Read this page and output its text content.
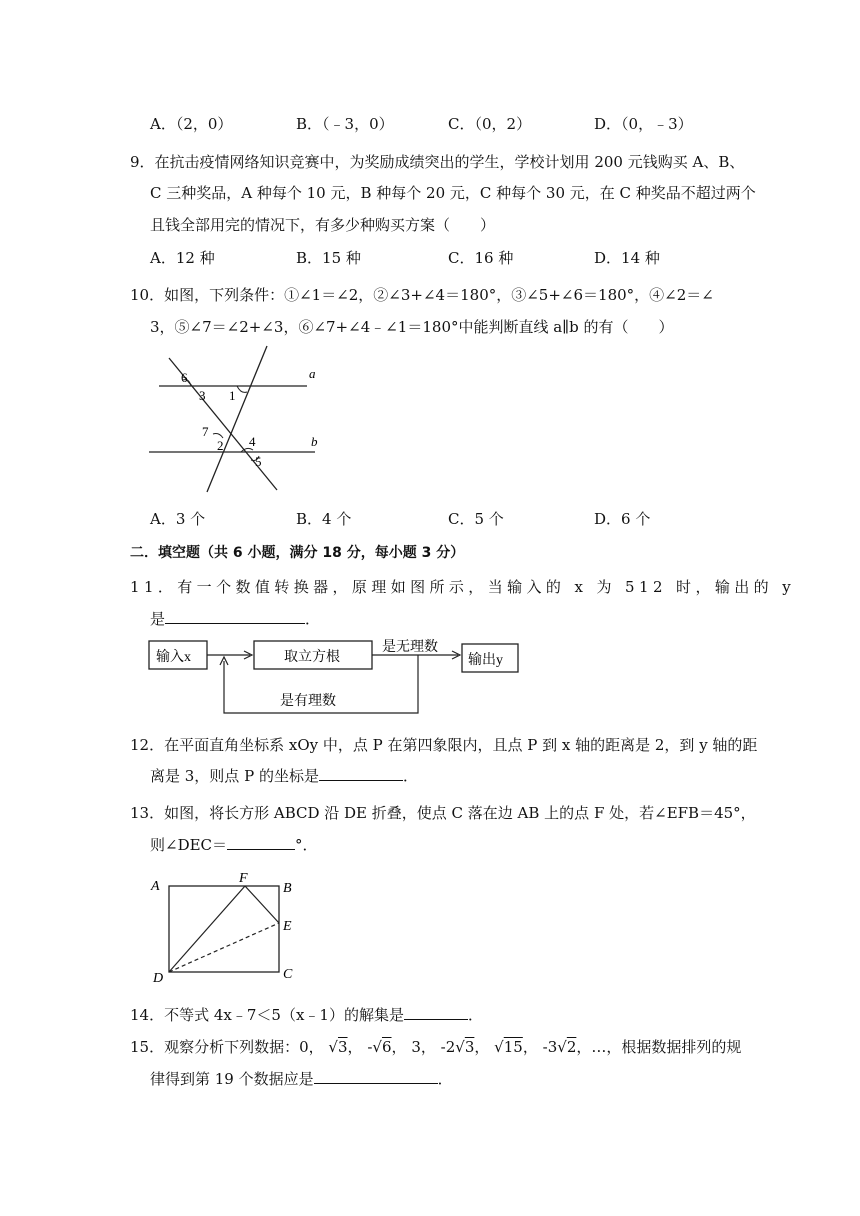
A．（2，0）	B．（﹣3，0）	C．（0，2）	D．（0，﹣3）
9．在抗击疫情网络知识竞赛中，为奖励成绩突出的学生，学校计划用 200 元钱购买 A、B、
C 三种奖品，A 种每个 10 元，B 种每个 20 元，C 种每个 30 元，在 C 种奖品不超过两个
且钱全部用完的情况下，有多少种购买方案（　　）
A．12 种	B．15 种	C．16 种	D．14 种
10．如图，下列条件：①∠1＝∠2，②∠3+∠4＝180°，③∠5+∠6＝180°，④∠2＝∠
3，⑤∠7＝∠2+∠3，⑥∠7+∠4﹣∠1＝180°中能判断直线 a∥b 的有（　　）
6
3 1
7
2 4
5
a
b
A．3 个	B．4 个	C．5 个	D．6 个
二．填空题（共 6 小题，满分 18 分，每小题 3 分）
11．有一个数值转换器，原理如图所示，当输入的 x 为 512 时，输出的 y
是	．
输入x	取立方根
是无理数
输出y
是有理数
12．在平面直角坐标系 xOy 中，点 P 在第四象限内，且点 P 到 x 轴的距离是 2，到 y 轴的距
离是 3，则点 P 的坐标是	．
13．如图，将长方形 ABCD 沿 DE 折叠，使点 C 落在边 AB 上的点 F 处，若∠EFB＝45°，
则∠DEC＝	°．
A
F
B
E
D	C
14．不等式 4x﹣7＜5（x﹣1）的解集是	．
15．观察分析下列数据：0， √3， -√6， 3， -2√3， √15， -3√2，…，根据数据排列的规
律得到第 19 个数据应是	．
